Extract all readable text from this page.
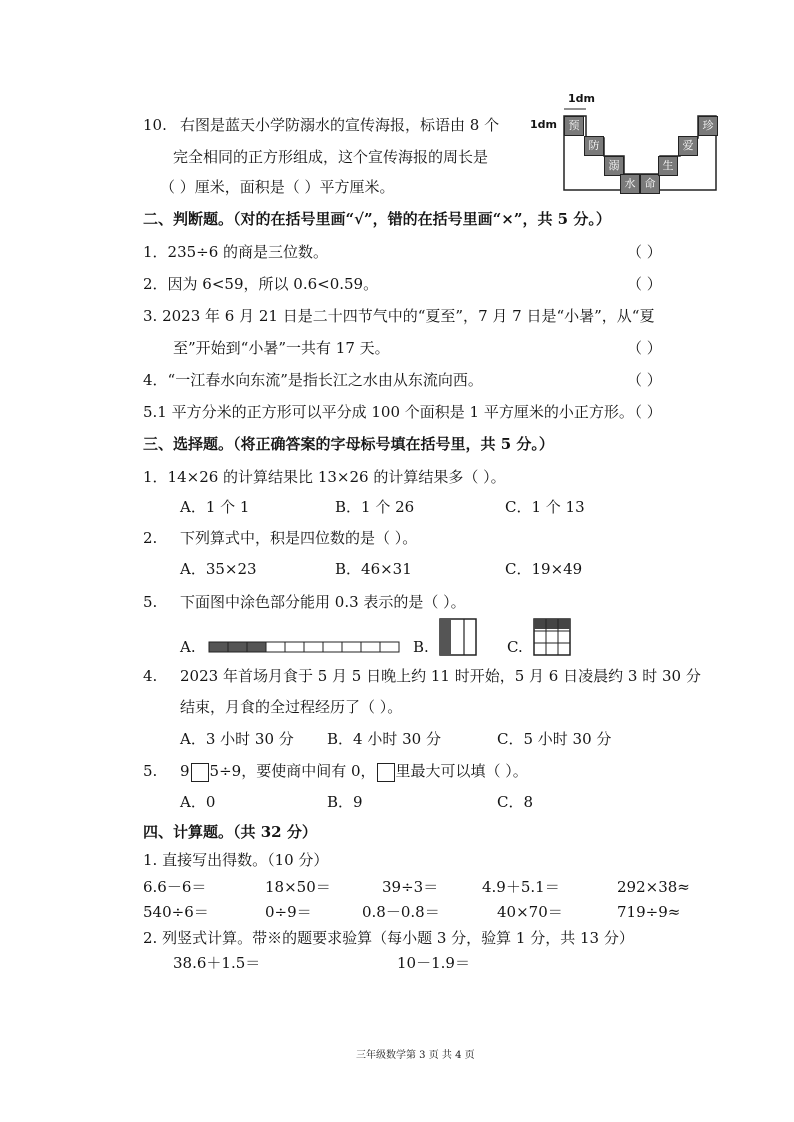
10. 右图是蓝天小学防溺水的宣传海报，标语由 8 个
完全相同的正方形组成，这个宣传海报的周长是
（ ）厘米，面积是（ ）平方厘米。
1dm
1dm	预
防
溺
水 命
生
爱
珍
二、判断题。（对的在括号里画“√”，错的在括号里画“×”，共 5 分。）
1．235÷6 的商是三位数。	（ ）
2．因为 6<59，所以 0.6<0.59。	（ ）
3. 2023 年 6 月 21 日是二十四节气中的“夏至”，7 月 7 日是“小暑”，从“夏
至”开始到“小暑”一共有 17 天。	（ ）
4．“一江春水向东流”是指长江之水由从东流向西。	（ ）
5.1 平方分米的正方形可以平分成 100 个面积是 1 平方厘米的小正方形。
（ ）
三、选择题。（将正确答案的字母标号填在括号里，共 5 分。）
1．14×26 的计算结果比 13×26 的计算结果多（ ）。
A．1 个 1	B．1 个 26	C．1 个 13
2. 下列算式中，积是四位数的是（ ）。
A．35×23	B．46×31	C．19×49
5. 下面图中涂色部分能用 0.3 表示的是（ ）。
A.	B.	C.
4. 2023 年首场月食于 5 月 5 日晚上约 11 时开始，5 月 6 日凌晨约 3 时 30 分
结束，月食的全过程经历了（ ）。
A．3 小时 30 分 B．4 小时 30 分	C．5 小时 30 分
5. 9 5÷9，要使商中间有 0， 里最大可以填（ ）。
A．0	B．9	C．8
四、计算题。（共 32 分）
1. 直接写出得数。（10 分）
6.6－6＝	18×50＝	39÷3＝	4.9＋5.1＝	292×38≈
540÷6＝	0÷9＝	0.8－0.8＝	40×70＝	719÷9≈
2. 列竖式计算。带※的题要求验算（每小题 3 分，验算 1 分，共 13 分）
38.6＋1.5＝	10－1.9＝
三年级数学第 3 页 共 4 页
